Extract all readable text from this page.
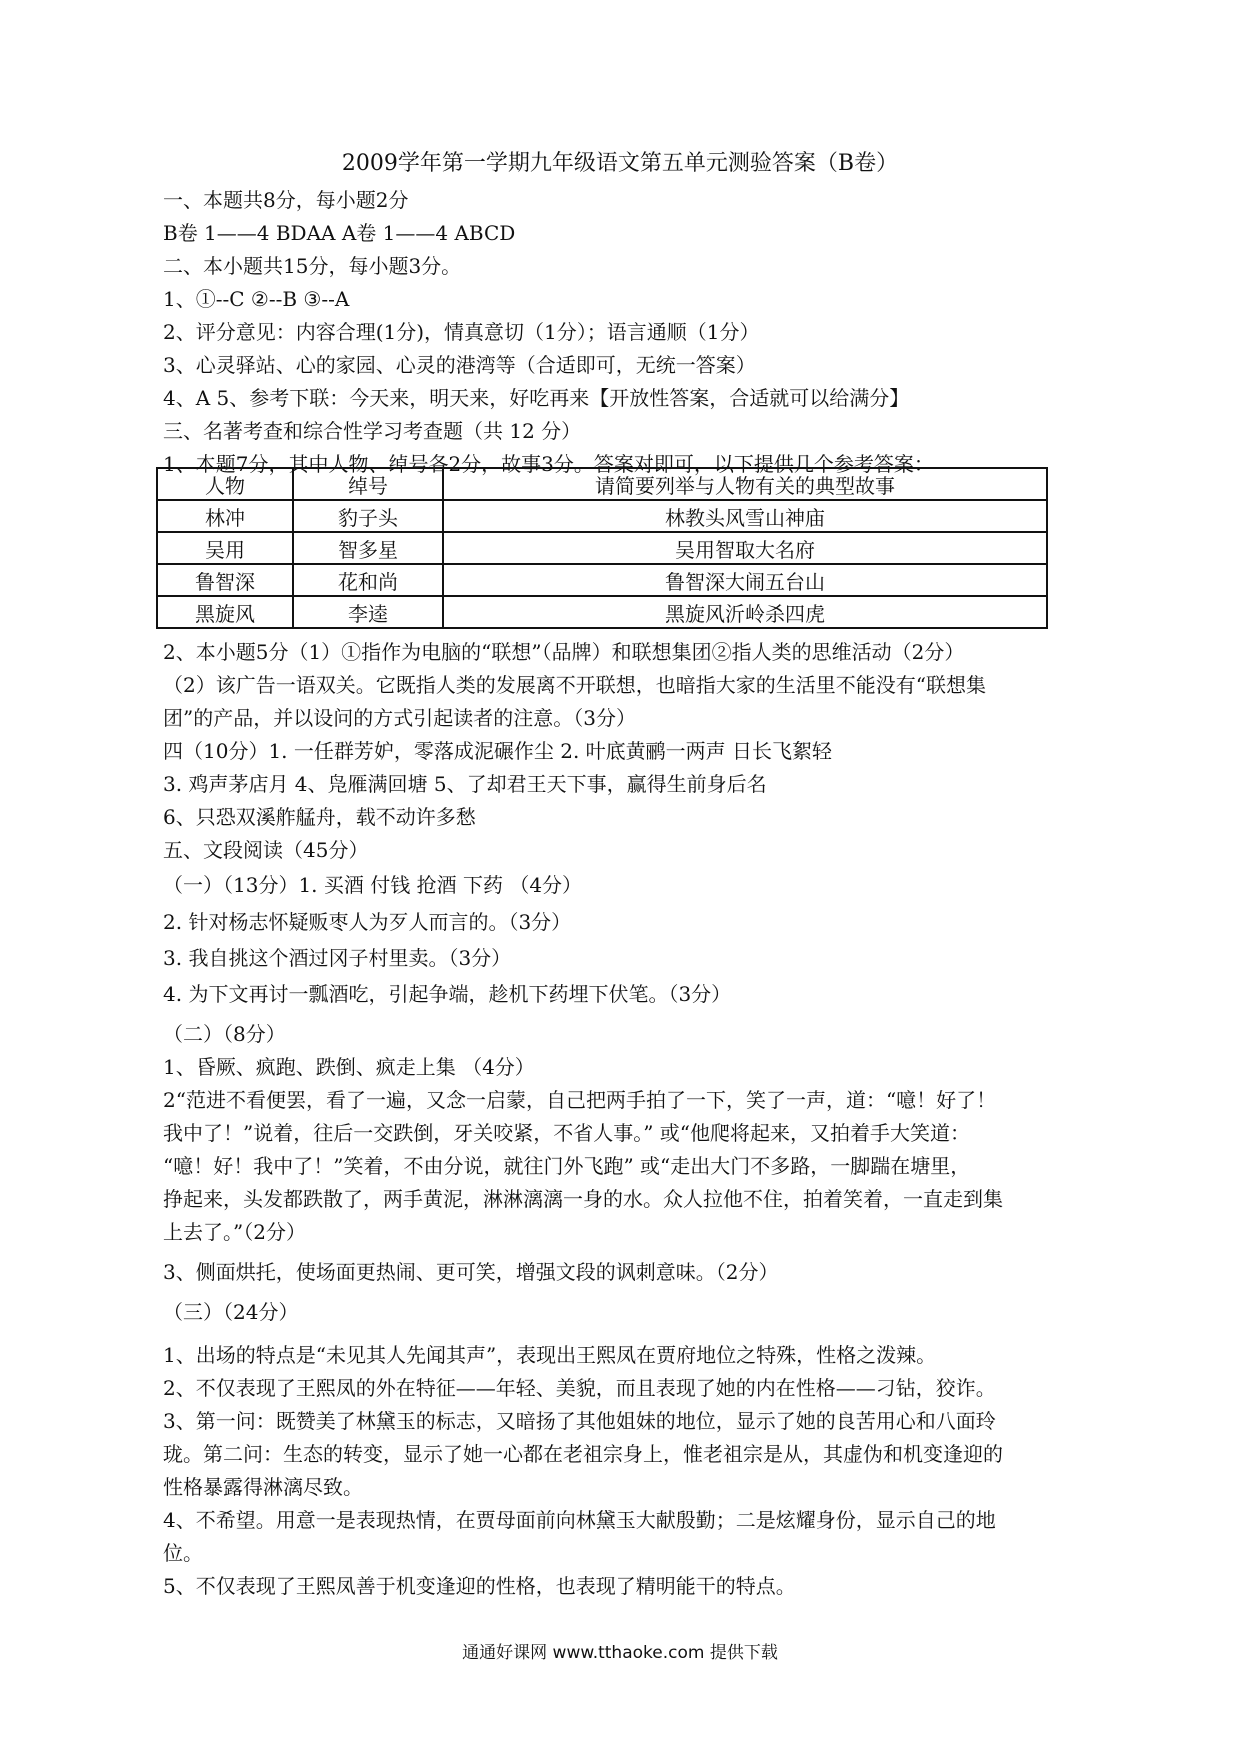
2009学年第一学期九年级语文第五单元测验答案（B卷）
一、本题共8分，每小题2分
B卷 1——4 BDAA A卷 1——4 ABCD
二、本小题共15分，每小题3分。
1、①--C ②--B ③--A
2、评分意见：内容合理(1分)，情真意切（1分）；语言通顺（1分）
3、心灵驿站、心的家园、心灵的港湾等（合适即可，无统一答案）
4、A 5、参考下联：今天来，明天来，好吃再来【开放性答案，合适就可以给满分】
三、名著考查和综合性学习考查题（共 12 分）
1、本题7分，其中人物、绰号各2分，故事3分。答案对即可，以下提供几个参考答案：
人物	绰号	请简要列举与人物有关的典型故事
林冲	豹子头	林教头风雪山神庙
吴用	智多星	吴用智取大名府
鲁智深	花和尚	鲁智深大闹五台山
黑旋风	李逵	黑旋风沂岭杀四虎
2、本小题5分（1）①指作为电脑的“联想”（品牌）和联想集团②指人类的思维活动（2分）
（2）该广告一语双关。它既指人类的发展离不开联想，也暗指大家的生活里不能没有“联想集
团”的产品，并以设问的方式引起读者的注意。（3分）
四（10分）1. 一任群芳妒，零落成泥碾作尘 2. 叶底黄鹂一两声 日长飞絮轻
3. 鸡声茅店月 4、凫雁满回塘 5、了却君王天下事，赢得生前身后名
6、只恐双溪舴艋舟，载不动许多愁
五、文段阅读（45分）
（一）（13分）1. 买酒 付钱 抢酒 下药 （4分）
2. 针对杨志怀疑贩枣人为歹人而言的。（3分）
3. 我自挑这个酒过冈子村里卖。（3分）
4. 为下文再讨一瓢酒吃，引起争端，趁机下药埋下伏笔。（3分）
（二）（8分）
1、昏厥、疯跑、跌倒、疯走上集 （4分）
2“范进不看便罢，看了一遍，又念一启蒙，自己把两手拍了一下，笑了一声，道：“噫！好了！
我中了！”说着，往后一交跌倒，牙关咬紧，不省人事。” 或“他爬将起来，又拍着手大笑道：
“噫！好！我中了！”笑着，不由分说，就往门外飞跑” 或“走出大门不多路，一脚踹在塘里，
挣起来，头发都跌散了，两手黄泥，淋淋漓漓一身的水。众人拉他不住，拍着笑着，一直走到集
上去了。”（2分）
3、侧面烘托，使场面更热闹、更可笑，增强文段的讽刺意味。（2分）
（三）（24分）
1、出场的特点是“未见其人先闻其声”，表现出王熙凤在贾府地位之特殊，性格之泼辣。
2、不仅表现了王熙凤的外在特征——年轻、美貌，而且表现了她的内在性格——刁钻，狡诈。
3、第一问：既赞美了林黛玉的标志，又暗扬了其他姐妹的地位，显示了她的良苦用心和八面玲
珑。第二问：生态的转变，显示了她一心都在老祖宗身上，惟老祖宗是从，其虚伪和机变逢迎的
性格暴露得淋漓尽致。
4、不希望。用意一是表现热情，在贾母面前向林黛玉大献殷勤；二是炫耀身份，显示自己的地
位。
5、不仅表现了王熙凤善于机变逢迎的性格，也表现了精明能干的特点。
通通好课网 www.tthaoke.com 提供下载
